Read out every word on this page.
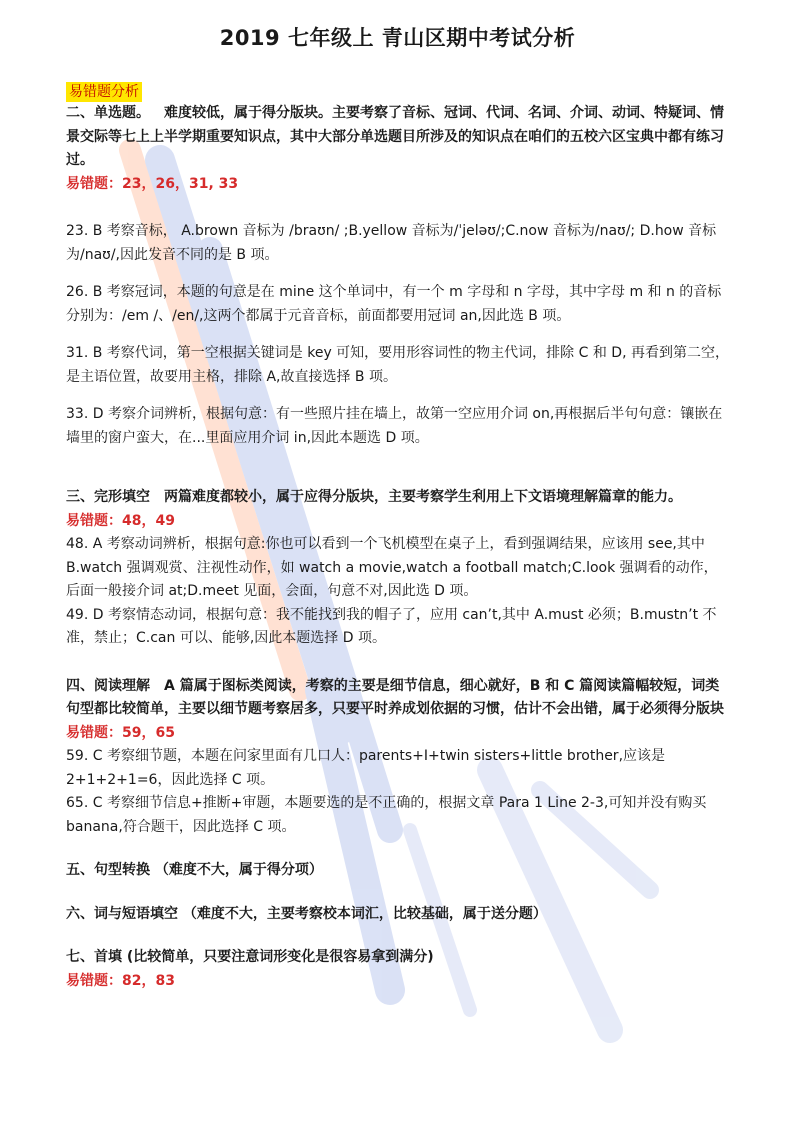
2019 七年级上 青山区期中考试分析
易错题分析

二、单选题。 难度较低，属于得分版块。主要考察了音标、冠词、代词、名词、介词、动词、特疑词、情景交际等七上上半学期重要知识点，其中大部分单选题目所涉及的知识点在咱们的五校六区宝典中都有练习过。

易错题：23，26，31, 33

23. B 考察音标， A.brown 音标为 /braʊn/ ;B.yellow 音标为/ˈjeləʊ/;C.now 音标为/naʊ/; D.how 音标为/naʊ/,因此发音不同的是 B 项。

26. B 考察冠词，本题的句意是在 mine 这个单词中，有一个 m 字母和 n 字母，其中字母 m 和 n 的音标分别为：/em /、/en/,这两个都属于元音音标，前面都要用冠词 an,因此选 B 项。

31. B 考察代词，第一空根据关键词是 key 可知，要用形容词性的物主代词，排除 C 和 D, 再看到第二空，是主语位置，故要用主格，排除 A,故直接选择 B 项。

33. D 考察介词辨析，根据句意：有一些照片挂在墙上，故第一空应用介词 on,再根据后半句句意：镶嵌在墙里的窗户蛮大，在...里面应用介词 in,因此本题选 D 项。

三、完形填空 两篇难度都较小，属于应得分版块，主要考察学生利用上下文语境理解篇章的能力。

易错题：48，49

48. A 考察动词辨析，根据句意:你也可以看到一个飞机模型在桌子上，看到强调结果，应该用 see,其中 B.watch 强调观赏、注视性动作，如 watch a movie,watch a football match;C.look 强调看的动作，后面一般接介词 at;D.meet 见面，会面，句意不对,因此选 D 项。

49. D 考察情态动词，根据句意：我不能找到我的帽子了，应用 can’t,其中 A.must 必须；B.mustn’t 不准，禁止；C.can 可以、能够,因此本题选择 D 项。

四、阅读理解 A 篇属于图标类阅读，考察的主要是细节信息，细心就好，B 和 C 篇阅读篇幅较短，词类句型都比较简单，主要以细节题考察居多，只要平时养成划依据的习惯，估计不会出错，属于必须得分版块

易错题：59，65

59. C 考察细节题，本题在问家里面有几口人：parents+I+twin sisters+little brother,应该是 2+1+2+1=6，因此选择 C 项。

65. C 考察细节信息+推断+审题，本题要选的是不正确的，根据文章 Para 1 Line 2-3,可知并没有购买 banana,符合题干，因此选择 C 项。

五、句型转换 （难度不大，属于得分项）

六、词与短语填空 （难度不大，主要考察校本词汇，比较基础，属于送分题）

七、首填 (比较简单，只要注意词形变化是很容易拿到满分)

易错题：82，83
